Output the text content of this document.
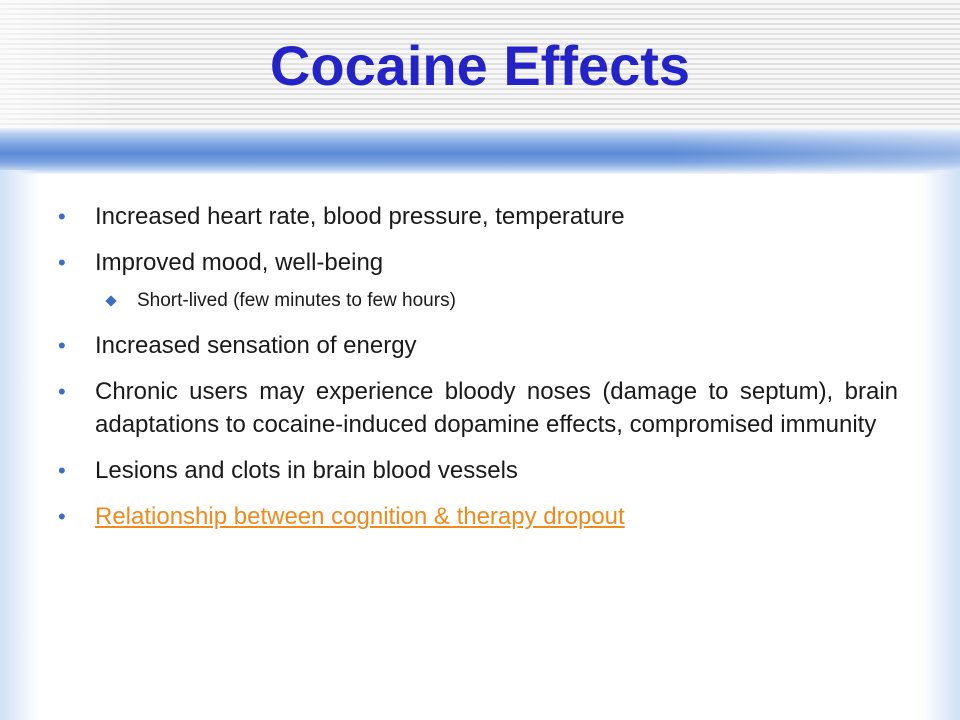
Cocaine Effects
•	Increased heart rate, blood pressure, temperature
•	Improved mood, well-being
Short-lived (few minutes to few hours)
•	Increased sensation of energy
•	Chronic users may experience bloody noses (damage to septum), brain adaptations to cocaine-induced dopamine effects, compromised immunity
•	Lesions and clots in brain blood vessels
•	Relationship between cognition & therapy dropout
